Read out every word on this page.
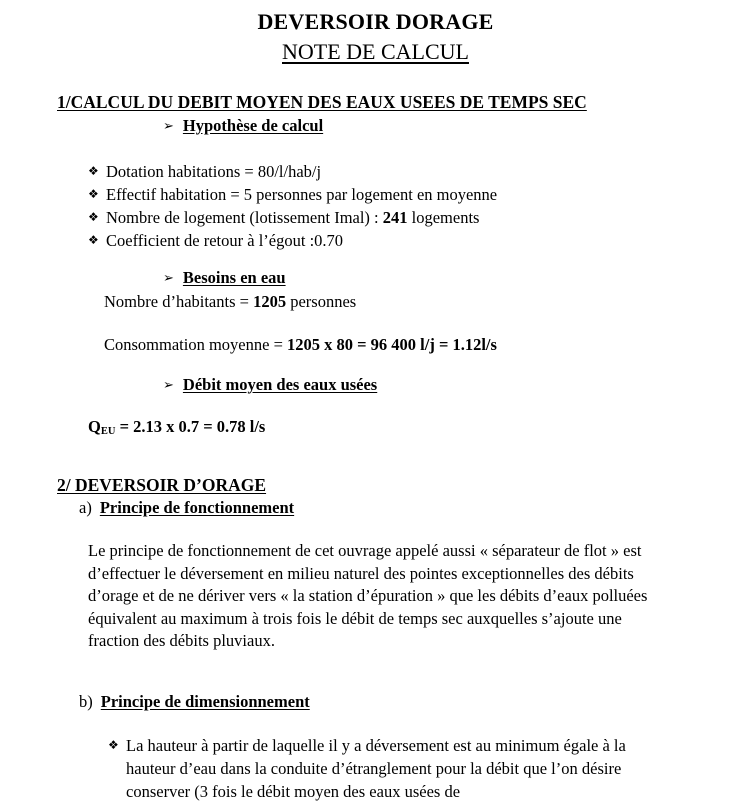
DEVERSOIR DORAGE
NOTE DE CALCUL
1/CALCUL DU DEBIT MOYEN DES EAUX USEES DE TEMPS SEC
➢ Hypothèse de calcul
❖ Dotation habitations = 80/l/hab/j
❖ Effectif habitation = 5 personnes par logement en moyenne
❖ Nombre de logement (lotissement Imal) : 241 logements
❖ Coefficient de retour à l’égout :0.70
➢ Besoins en eau
Nombre d’habitants = 1205 personnes
Consommation moyenne = 1205 x 80 = 96 400 l/j = 1.12l/s
➢ Débit moyen des eaux usées
$Q_{EU} = 2.13$ x 0.7 = 0.78 l/s
2/ DEVERSOIR D’ORAGE
a) Principe de fonctionnement
Le principe de fonctionnement de cet ouvrage appelé aussi « séparateur de flot » est d’effectuer le déversement en milieu naturel des pointes exceptionnelles des débits d’orage et de ne dériver vers « la station d’épuration » que les débits d’eaux polluées équivalent au maximum à trois fois le débit de temps sec auxquelles s’ajoute une fraction des débits pluviaux.
b) Principe de dimensionnement
❖ La hauteur à partir de laquelle il y a déversement est au minimum égale à la hauteur d’eau dans la conduite d’étranglement pour la débit que l’on désire conserver (3 fois le débit moyen des eaux usées de
